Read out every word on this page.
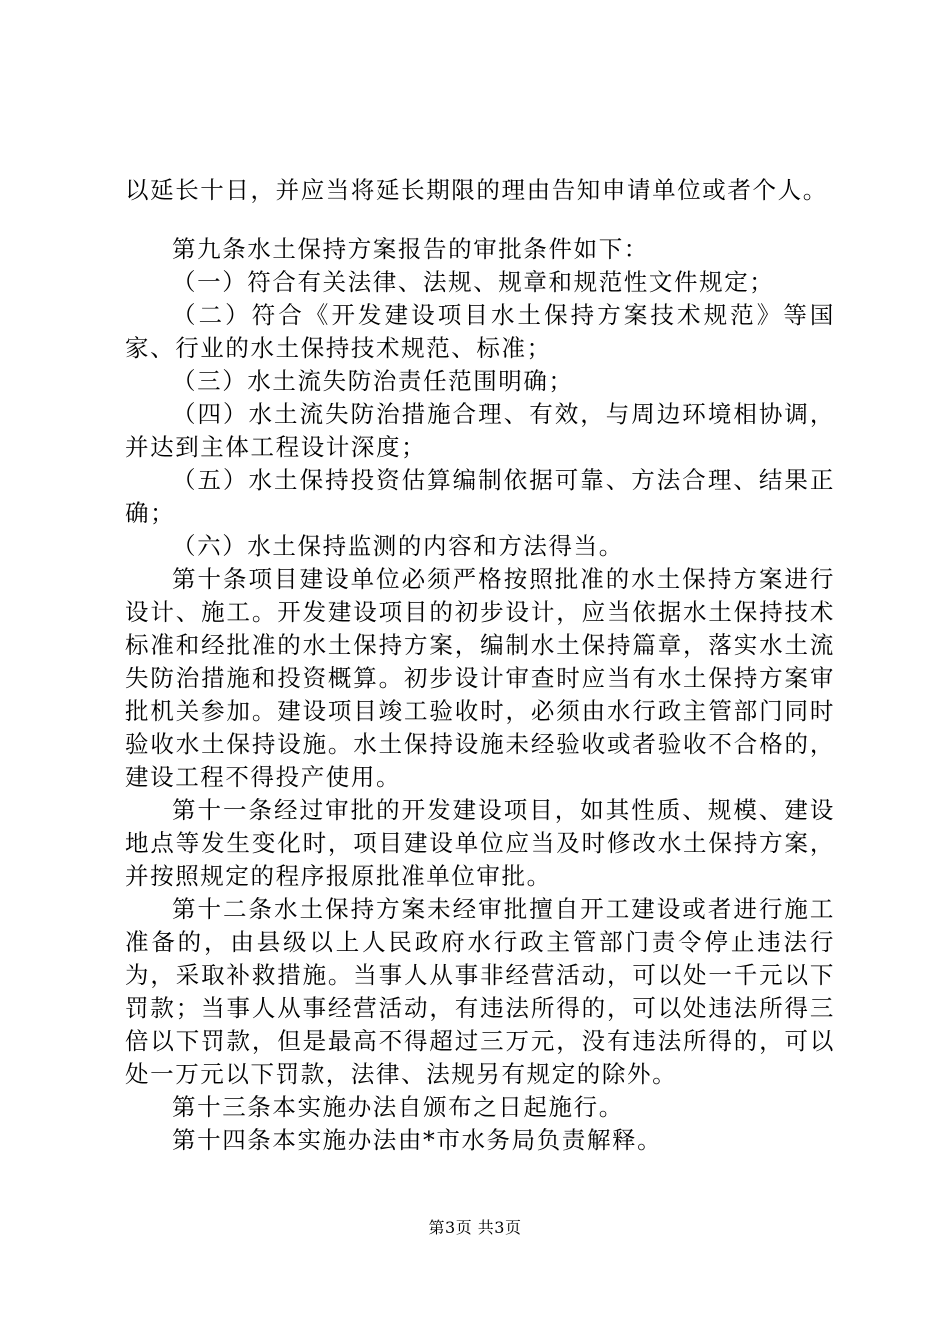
以延长十日，并应当将延长期限的理由告知申请单位或者个人。

第九条水土保持方案报告的审批条件如下：

（一）符合有关法律、法规、规章和规范性文件规定；

（二）符合《开发建设项目水土保持方案技术规范》等国家、行业的水土保持技术规范、标准；

（三）水土流失防治责任范围明确；

（四）水土流失防治措施合理、有效，与周边环境相协调，并达到主体工程设计深度；

（五）水土保持投资估算编制依据可靠、方法合理、结果正确；

（六）水土保持监测的内容和方法得当。

第十条项目建设单位必须严格按照批准的水土保持方案进行设计、施工。开发建设项目的初步设计，应当依据水土保持技术标准和经批准的水土保持方案，编制水土保持篇章，落实水土流失防治措施和投资概算。初步设计审查时应当有水土保持方案审批机关参加。建设项目竣工验收时，必须由水行政主管部门同时验收水土保持设施。水土保持设施未经验收或者验收不合格的，建设工程不得投产使用。

第十一条经过审批的开发建设项目，如其性质、规模、建设地点等发生变化时，项目建设单位应当及时修改水土保持方案，并按照规定的程序报原批准单位审批。

第十二条水土保持方案未经审批擅自开工建设或者进行施工准备的，由县级以上人民政府水行政主管部门责令停止违法行为，采取补救措施。当事人从事非经营活动，可以处一千元以下罚款；当事人从事经营活动，有违法所得的，可以处违法所得三倍以下罚款，但是最高不得超过三万元，没有违法所得的，可以处一万元以下罚款，法律、法规另有规定的除外。

第十三条本实施办法自颁布之日起施行。

第十四条本实施办法由*市水务局负责解释。

第3页 共3页
